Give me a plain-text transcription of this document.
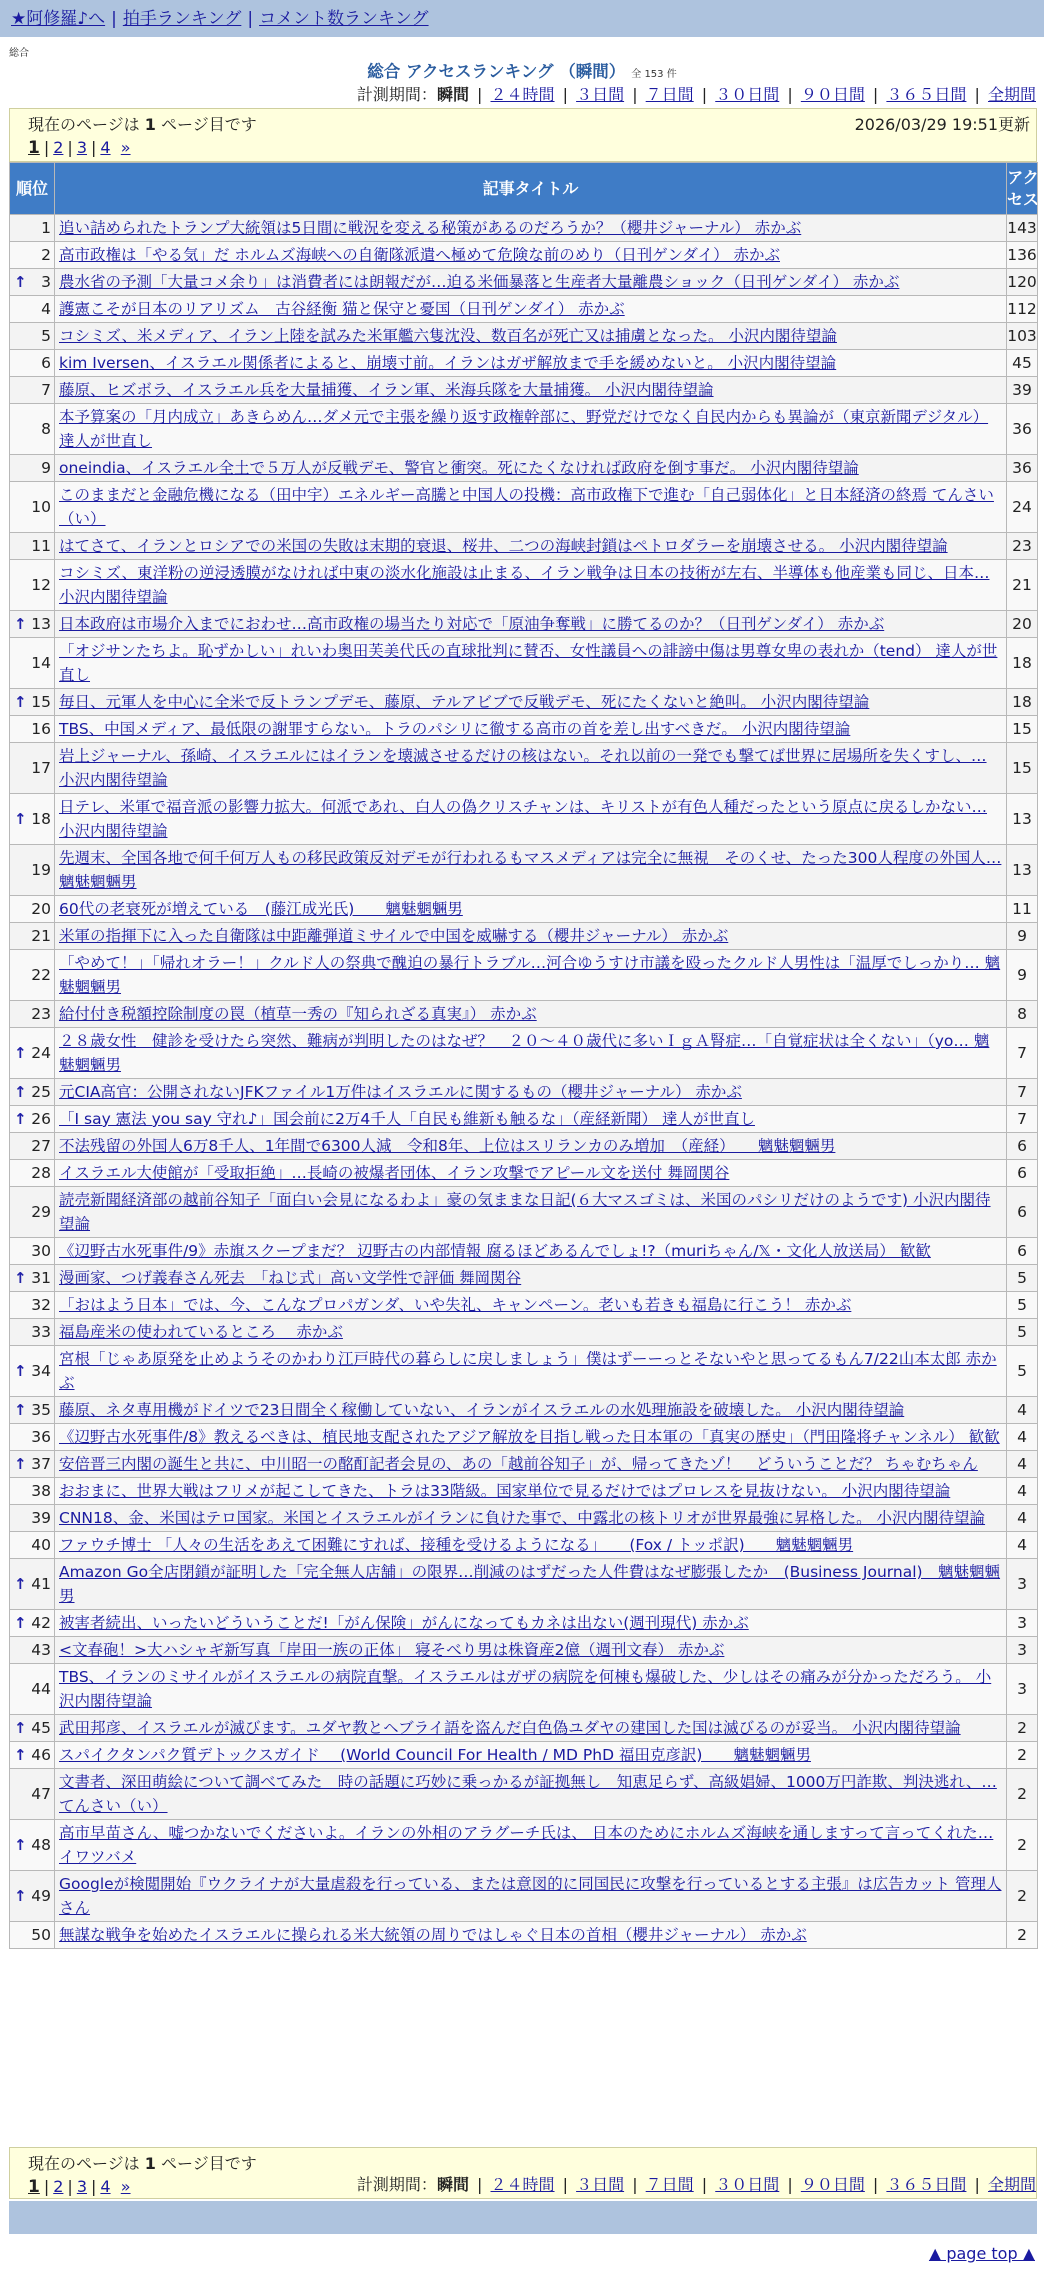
★阿修羅♪へ | 拍手ランキング | コメント数ランキング
総合
総合 アクセスランキング （瞬間） 全 153 件
計測期間：瞬間 | ２４時間 | ３日間 | ７日間 | ３０日間 | ９０日間 | ３６５日間 | 全期間
現在のページは 1 ページ目です	2026/03/29 19:51更新
1 | 2 | 3 | 4 »
順位	記事タイトル	アクセス
1	追い詰められたトランプ大統領は5日間に戦況を変える秘策があるのだろうか？（櫻井ジャーナル） 赤かぶ	143
2	高市政権は「やる気」だ ホルムズ海峡への自衛隊派遣へ極めて危険な前のめり（日刊ゲンダイ） 赤かぶ	136

↑ 3	農水省の予測「大量コメ余り」は消費者には朗報だが…迫る米価暴落と生産者大量離農ショック（日刊ゲンダイ） 赤かぶ	120
4	護憲こそが日本のリアリズム　古谷経衡 猫と保守と憂国（日刊ゲンダイ） 赤かぶ	112
5	コシミズ、米メディア、イラン上陸を試みた米軍艦六隻沈没、数百名が死亡又は捕虜となった。 小沢内閣待望論	103
6	kim Iversen、イスラエル関係者によると、崩壊寸前。イランはガザ解放まで手を緩めないと。 小沢内閣待望論	45
7	藤原、ヒズボラ、イスラエル兵を大量捕獲、イラン軍、米海兵隊を大量捕獲。 小沢内閣待望論	39
8	本予算案の「月内成立」あきらめん…ダメ元で主張を繰り返す政権幹部に、野党だけでなく自民内からも異論が（東京新聞デジタル） 達人が世直し	36
9	oneindia、イスラエル全土で５万人が反戦デモ、警官と衝突。死にたくなければ政府を倒す事だ。 小沢内閣待望論	36
10	このままだと金融危機になる（田中宇）エネルギー高騰と中国人の投機：高市政権下で進む「自己弱体化」と日本経済の終焉 てんさい（い）	24
11	はてさて、イランとロシアでの米国の失敗は末期的衰退、桜井、二つの海峡封鎖はペトロダラーを崩壊させる。 小沢内閣待望論	23
12	コシミズ、東洋粉の逆浸透膜がなければ中東の淡水化施設は止まる、イラン戦争は日本の技術が左右、半導体も他産業も同じ、日本… 小沢内閣待望論	21

↑ 13	日本政府は市場介入までにおわせ…高市政権の場当たり対応で「原油争奪戦」に勝てるのか？（日刊ゲンダイ） 赤かぶ	20
14	「オジサンたちよ。恥ずかしい」れいわ奥田芙美代氏の直球批判に賛否、女性議員への誹謗中傷は男尊女卑の表れか（tend） 達人が世直し	18

↑ 15	毎日、元軍人を中心に全米で反トランプデモ、藤原、テルアビブで反戦デモ、死にたくないと絶叫。 小沢内閣待望論	18
16	TBS、中国メディア、最低限の謝罪すらない。トラのパシリに徹する高市の首を差し出すべきだ。 小沢内閣待望論	15
17	岩上ジャーナル、孫崎、イスラエルにはイランを壊滅させるだけの核はない。それ以前の一発でも撃てば世界に居場所を失くすし、… 小沢内閣待望論	15

↑ 18	日テレ、米軍で福音派の影響力拡大。何派であれ、白人の偽クリスチャンは、キリストが有色人種だったという原点に戻るしかない… 小沢内閣待望論	13
19	先週末、全国各地で何千何万人もの移民政策反対デモが行われるもマスメディアは完全に無視　そのくせ、たった300人程度の外国人… 魑魅魍魎男	13
20	60代の老衰死が増えている　(藤江成光氏)　　魑魅魍魎男	11
21	米軍の指揮下に入った自衛隊は中距離弾道ミサイルで中国を威嚇する（櫻井ジャーナル） 赤かぶ	9
22	「やめて！」「帰れオラー！」クルド人の祭典で醜迫の暴行トラブル…河合ゆうすけ市議を殴ったクルド人男性は「温厚でしっかり… 魑魅魍魎男	9
23	給付付き税額控除制度の罠（植草一秀の『知られざる真実』） 赤かぶ	8

↑ 24	２８歳女性　健診を受けたら突然、難病が判明したのはなぜ？　２０～４０歳代に多いＩｇＡ腎症…「自覚症状は全くない」（yo… 魑魅魍魎男	7

↑ 25	元CIA高官：公開されないJFKファイル1万件はイスラエルに関するもの（櫻井ジャーナル） 赤かぶ	7

↑ 26	「I say 憲法 you say 守れ♪」国会前に2万4千人「自民も維新も触るな」（産経新聞） 達人が世直し	7
27	不法残留の外国人6万8千人、1年間で6300人減　令和8年、上位はスリランカのみ増加　（産経）　　魑魅魍魎男	6
28	イスラエル大使館が「受取拒絶」…長崎の被爆者団体、イラン攻撃でアピール文を送付 舞岡関谷	6
29	読売新聞経済部の越前谷知子「面白い会見になるわよ」豪の気ままな日記(６大マスゴミは、米国のパシリだけのようです) 小沢内閣待望論	6
30	《辺野古水死事件/9》赤旗スクープまだ？ 辺野古の内部情報 腐るほどあるんでしょ!?（muriちゃん/𝕏・文化人放送局） 歓歓	6

↑ 31	漫画家、つげ義春さん死去　「ねじ式」高い文学性で評価 舞岡関谷	5
32	「おはよう日本」では、今、こんなプロパガンダ、いや失礼、キャンペーン。老いも若きも福島に行こう！ 赤かぶ	5
33	福島産米の使われているところ　 赤かぶ	5

↑ 34	宮根「じゃあ原発を止めようそのかわり江戸時代の暮らしに戻しましょう」僕はずーーっとそないやと思ってるもん7/22山本太郎 赤かぶ	5

↑ 35	藤原、ネタ専用機がドイツで23日間全く稼働していない、イランがイスラエルの水処理施設を破壊した。 小沢内閣待望論	4
36	《辺野古水死事件/8》教えるべきは、植民地支配されたアジア解放を目指し戦った日本軍の「真実の歴史」（門田隆将チャンネル） 歓歓	4

↑ 37	安倍晋三内閣の誕生と共に、中川昭一の酩酊記者会見の、あの「越前谷知子」が、帰ってきたゾ！　どういうことだ？ ちゃむちゃん	4
38	おおまに、世界大戦はフリメが起こしてきた、トラは33階級。国家単位で見るだけではプロレスを見抜けない。 小沢内閣待望論	4
39	CNN18、金、米国はテロ国家。米国とイスラエルがイランに負けた事で、中露北の核トリオが世界最強に昇格した。 小沢内閣待望論	4
40	ファウチ博士 「人々の生活をあえて困難にすれば、接種を受けるようになる」　　(Fox / トッポ訳)　　魑魅魍魎男	4

↑ 41	Amazon Go全店閉鎖が証明した「完全無人店舗」の限界…削減のはずだった人件費はなぜ膨張したか　(Business Journal)　魑魅魍魎男	3

↑ 42	被害者続出、いったいどういうことだ!「がん保険」がんになってもカネは出ない(週刊現代) 赤かぶ	3
43	<文春砲！>大ハシャギ新写真「岸田一族の正体」 寝そべり男は株資産2億（週刊文春） 赤かぶ	3
44	TBS、イランのミサイルがイスラエルの病院直撃。イスラエルはガザの病院を何棟も爆破した、少しはその痛みが分かっただろう。 小沢内閣待望論	3

↑ 45	武田邦彦、イスラエルが滅びます。ユダヤ教とヘブライ語を盗んだ白色偽ユダヤの建国した国は滅びるのが妥当。 小沢内閣待望論	2

↑ 46	スパイクタンパク質デトックスガイド　 (World Council For Health / MD PhD 福田克彦訳)　　魑魅魍魎男	2
47	文書者、深田萌絵について調べてみた　時の話題に巧妙に乗っかるが証拠無し　知恵足らず、高級娼婦、1000万円詐欺、判決逃れ、… てんさい（い）	2

↑ 48	高市早苗さん、嘘つかないでくださいよ。イランの外相のアラグーチ氏は、 日本のためにホルムズ海峡を通しますって言ってくれた… イワツバメ	2

↑ 49	Googleが検閲開始『ウクライナが大量虐殺を行っている、または意図的に同国民に攻撃を行っているとする主張』は広告カット 管理人さん	2
50	無謀な戦争を始めたイスラエルに操られる米大統領の周りではしゃぐ日本の首相（櫻井ジャーナル） 赤かぶ	2
現在のページは 1 ページ目です
1 | 2 | 3 | 4 »	計測期間：瞬間 | ２４時間 | ３日間 | ７日間 | ３０日間 | ９０日間 | ３６５日間 | 全期間
▲ page top ▲
